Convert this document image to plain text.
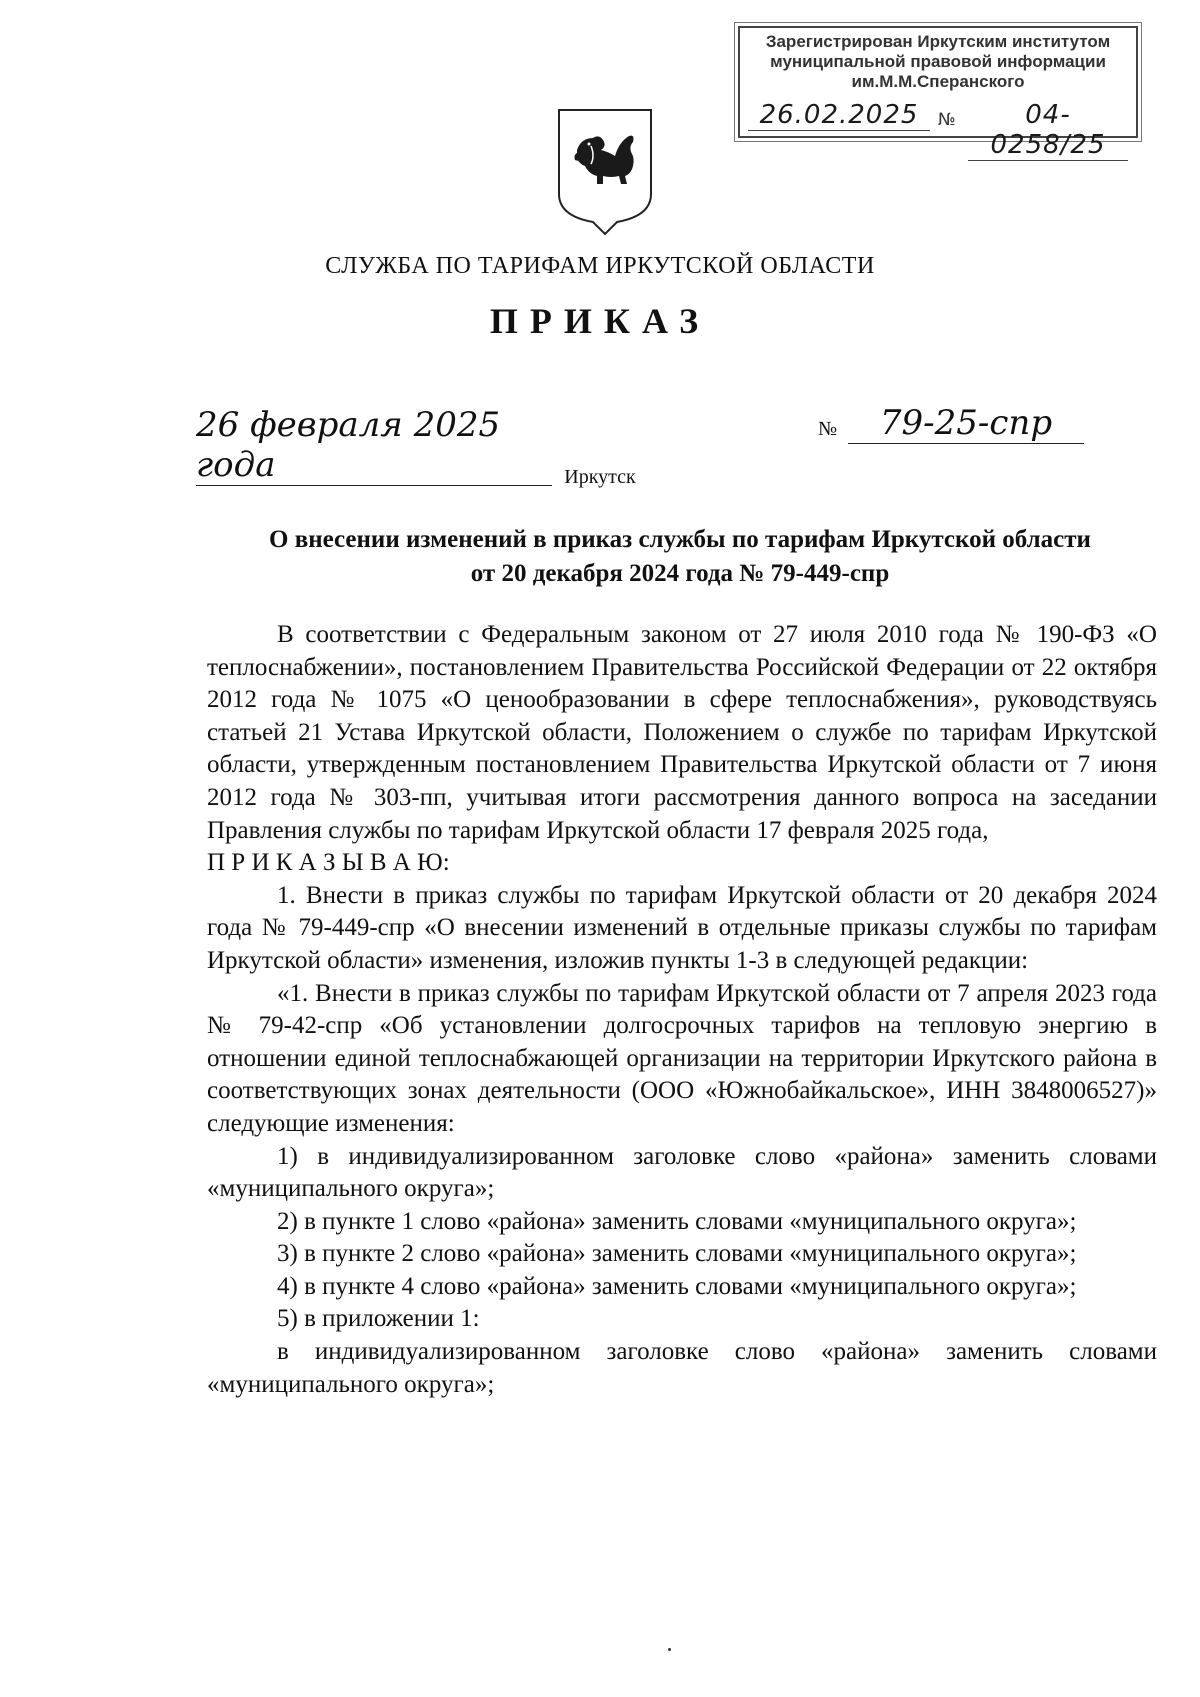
Зарегистрирован Иркутским институтом
муниципальной правовой информации
им.М.М.Сперанского
26.02.2025	№	04-0258/25
СЛУЖБА ПО ТАРИФАМ ИРКУТСКОЙ ОБЛАСТИ
ПРИКАЗ
26 февраля 2025 года
№	79-25-спр
Иркутск
О внесении изменений в приказ службы по тарифам Иркутской области
от 20 декабря 2024 года № 79-449-спр

В соответствии с Федеральным законом от 27 июля 2010 года № 190-ФЗ «О теплоснабжении», постановлением Правительства Российской Федерации от 22 октября 2012 года № 1075 «О ценообразовании в сфере теплоснабжения», руководствуясь статьей 21 Устава Иркутской области, Положением о службе по тарифам Иркутской области, утвержденным постановлением Правительства Иркутской области от 7 июня 2012 года № 303-пп, учитывая итоги рассмотрения данного вопроса на заседании Правления службы по тарифам Иркутской области 17 февраля 2025 года,

П Р И К А З Ы В А Ю:

1. Внести в приказ службы по тарифам Иркутской области от 20 декабря 2024 года № 79-449-спр «О внесении изменений в отдельные приказы службы по тарифам Иркутской области» изменения, изложив пункты 1-3 в следующей редакции:

«1. Внести в приказ службы по тарифам Иркутской области от 7 апреля 2023 года № 79-42-спр «Об установлении долгосрочных тарифов на тепловую энергию в отношении единой теплоснабжающей организации на территории Иркутского района в соответствующих зонах деятельности (ООО «Южнобайкальское», ИНН 3848006527)» следующие изменения:

1) в индивидуализированном заголовке слово «района» заменить словами «муниципального округа»;

2) в пункте 1 слово «района» заменить словами «муниципального округа»;

3) в пункте 2 слово «района» заменить словами «муниципального округа»;

4) в пункте 4 слово «района» заменить словами «муниципального округа»;

5) в приложении 1:

в индивидуализированном заголовке слово «района» заменить словами «муниципального округа»;
